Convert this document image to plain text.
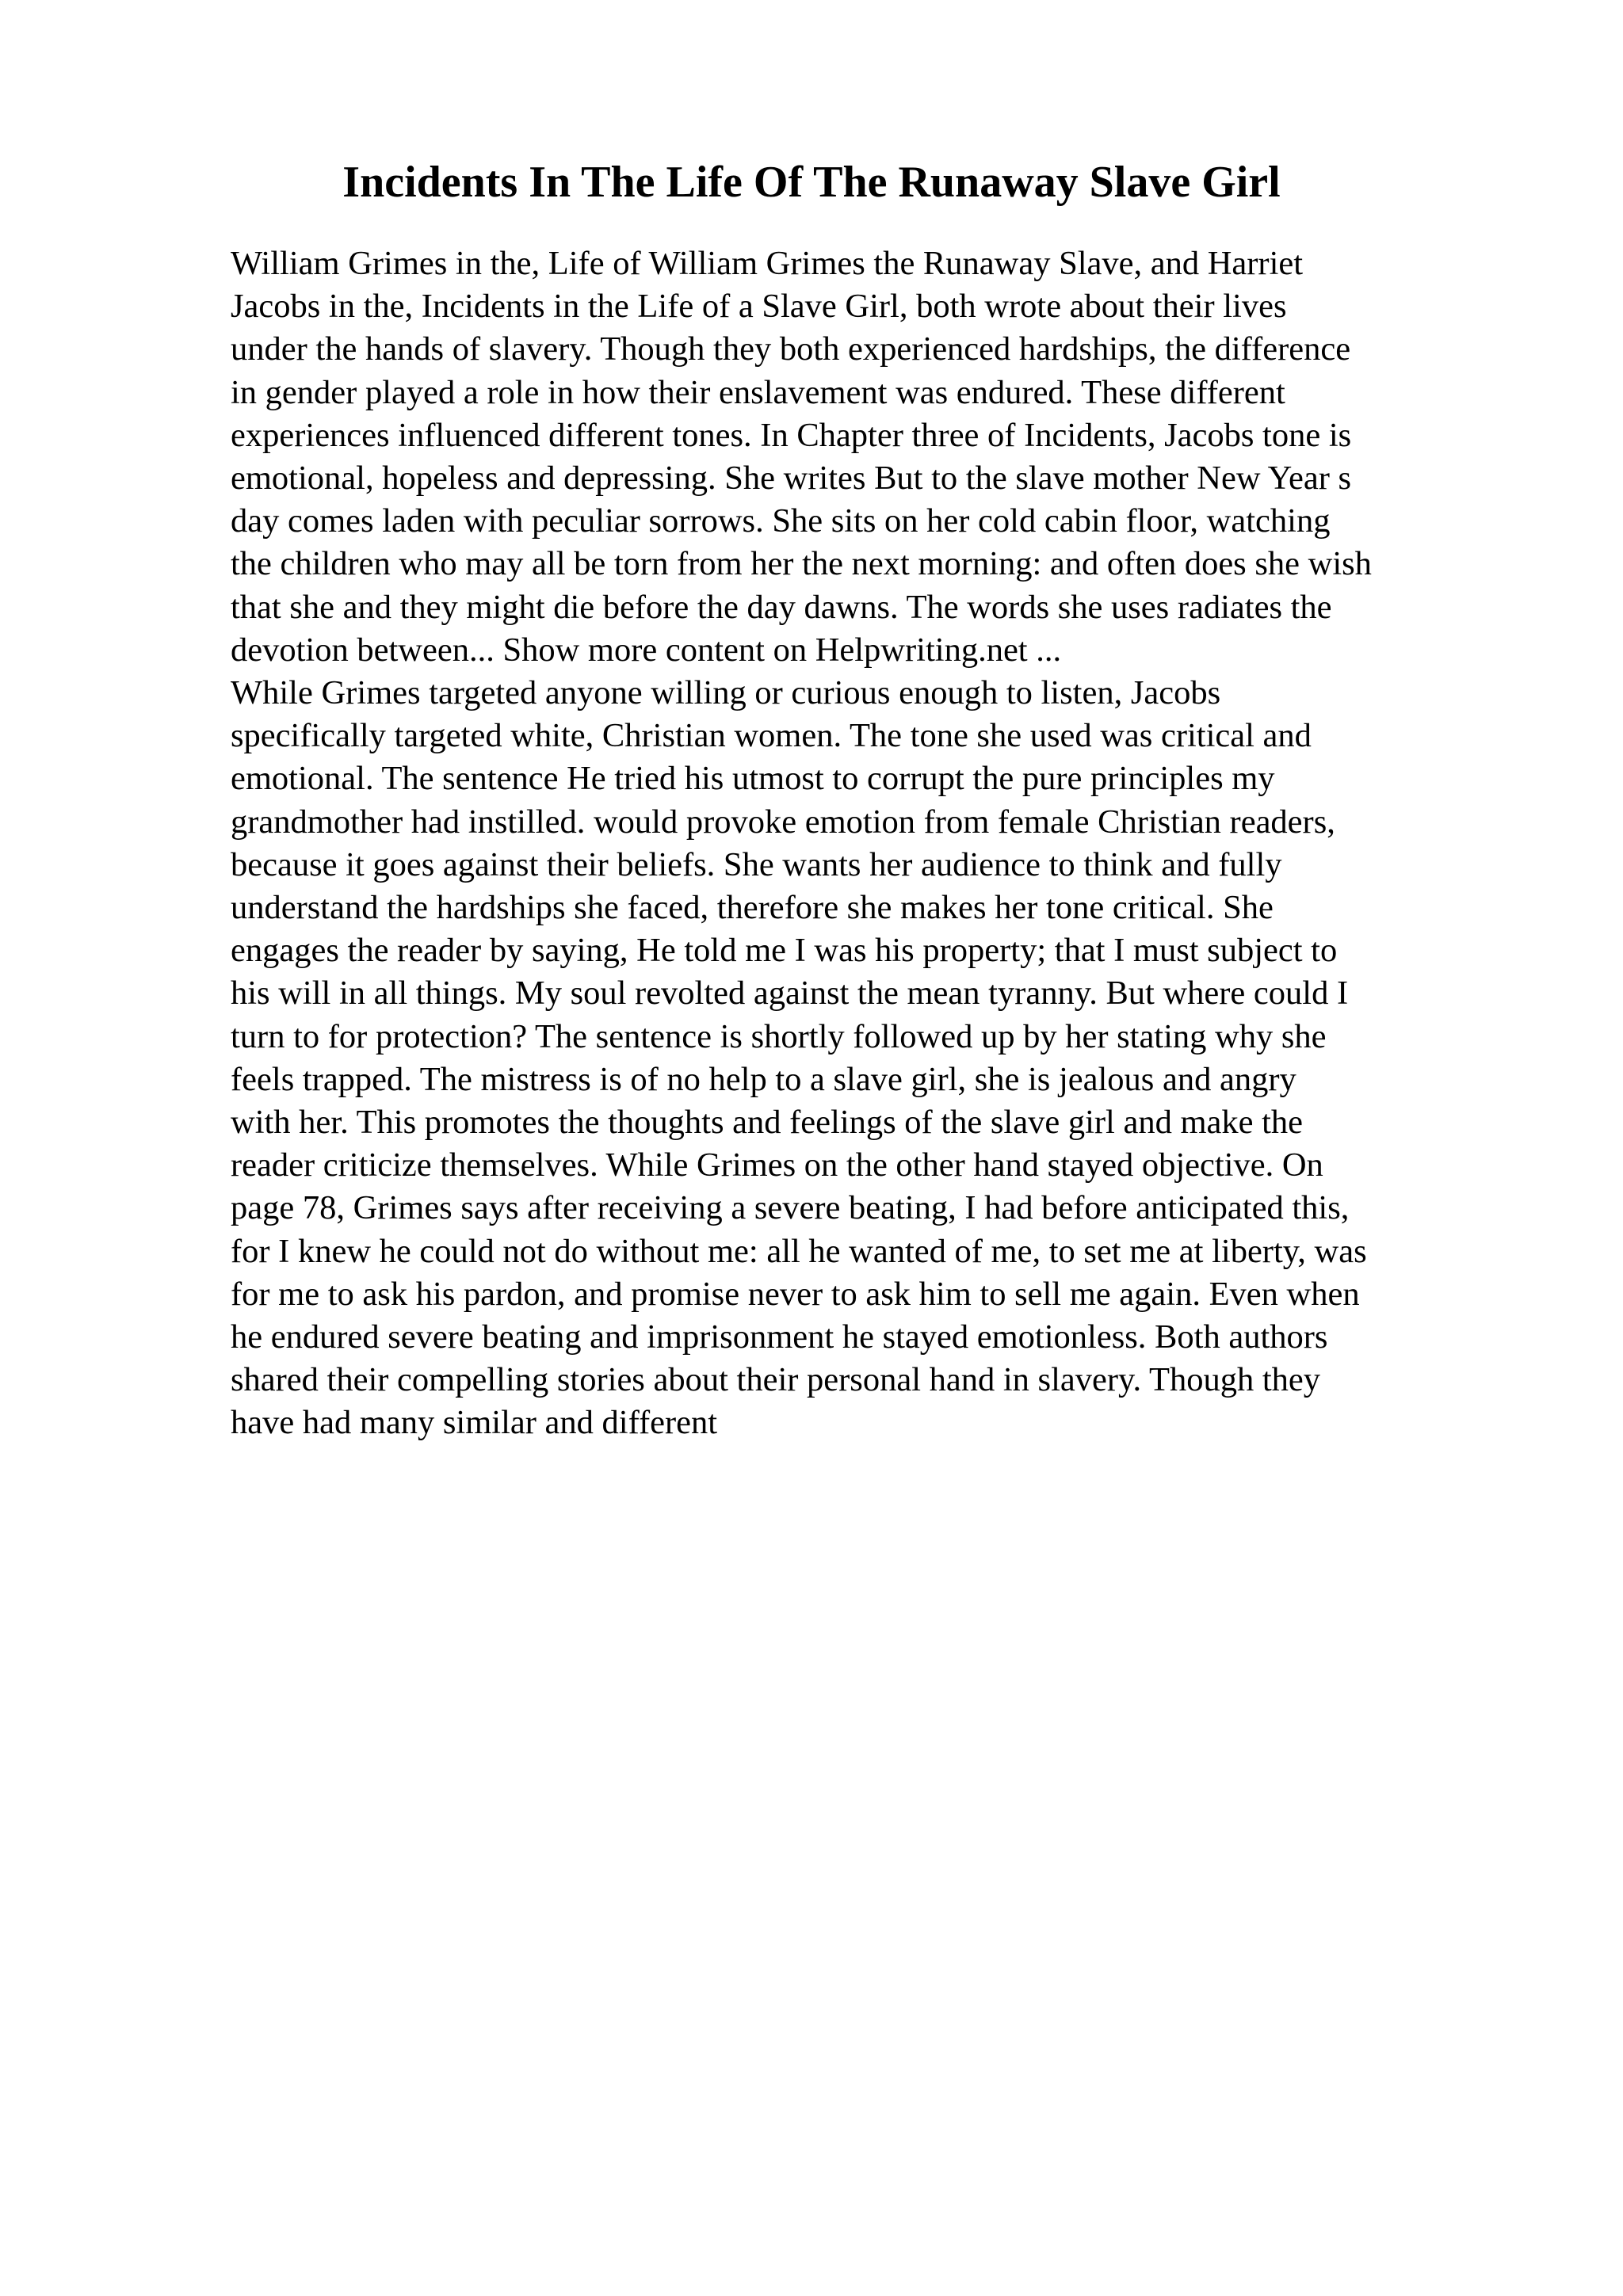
Incidents In The Life Of The Runaway Slave Girl
William Grimes in the, Life of William Grimes the Runaway Slave, and Harriet
Jacobs in the, Incidents in the Life of a Slave Girl, both wrote about their lives
under the hands of slavery. Though they both experienced hardships, the difference
in gender played a role in how their enslavement was endured. These different
experiences influenced different tones. In Chapter three of Incidents, Jacobs tone is
emotional, hopeless and depressing. She writes But to the slave mother New Year s
day comes laden with peculiar sorrows. She sits on her cold cabin floor, watching
the children who may all be torn from her the next morning: and often does she wish
that she and they might die before the day dawns. The words she uses radiates the
devotion between... Show more content on Helpwriting.net ...
While Grimes targeted anyone willing or curious enough to listen, Jacobs
specifically targeted white, Christian women. The tone she used was critical and
emotional. The sentence He tried his utmost to corrupt the pure principles my
grandmother had instilled. would provoke emotion from female Christian readers,
because it goes against their beliefs. She wants her audience to think and fully
understand the hardships she faced, therefore she makes her tone critical. She
engages the reader by saying, He told me I was his property; that I must subject to
his will in all things. My soul revolted against the mean tyranny. But where could I
turn to for protection? The sentence is shortly followed up by her stating why she
feels trapped. The mistress is of no help to a slave girl, she is jealous and angry
with her. This promotes the thoughts and feelings of the slave girl and make the
reader criticize themselves. While Grimes on the other hand stayed objective. On
page 78, Grimes says after receiving a severe beating, I had before anticipated this,
for I knew he could not do without me: all he wanted of me, to set me at liberty, was
for me to ask his pardon, and promise never to ask him to sell me again. Even when
he endured severe beating and imprisonment he stayed emotionless. Both authors
shared their compelling stories about their personal hand in slavery. Though they
have had many similar and different
